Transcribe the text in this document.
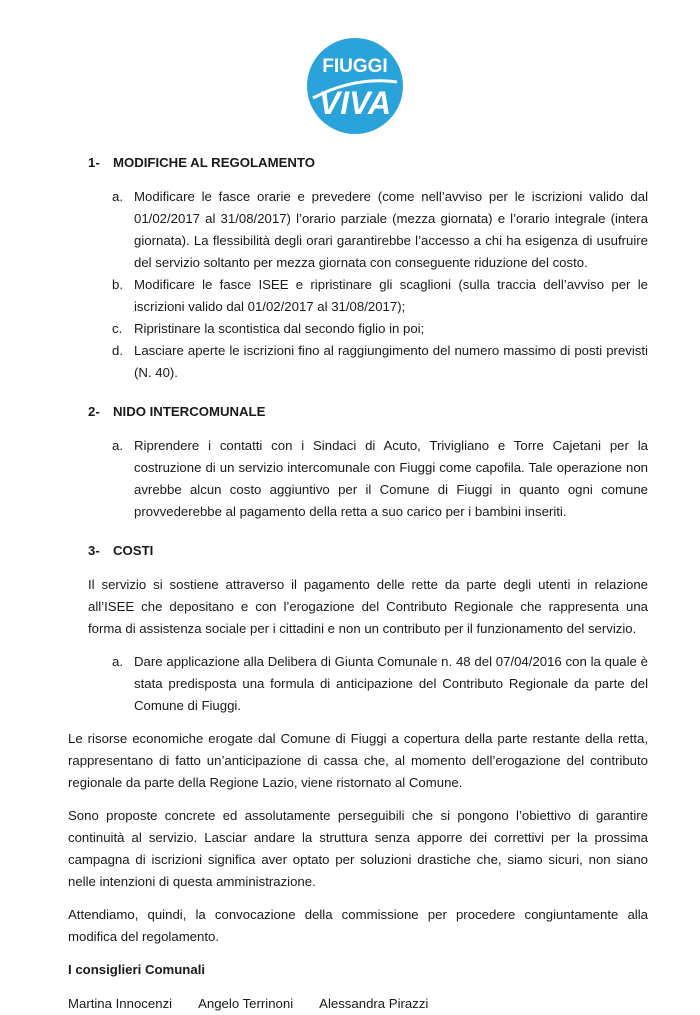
FIUGGI
VIVA
1-	MODIFICHE AL REGOLAMENTO
a. Modificare le fasce orarie e prevedere (come nell’avviso per le iscrizioni valido dal 01/02/2017 al 31/08/2017) l’orario parziale (mezza giornata) e l’orario integrale (intera giornata). La flessibilità degli orari garantirebbe l’accesso a chi ha esigenza di usufruire del servizio soltanto per mezza giornata con conseguente riduzione del costo.
b. Modificare le fasce ISEE e ripristinare gli scaglioni (sulla traccia dell’avviso per le iscrizioni valido dal 01/02/2017 al 31/08/2017);
c. Ripristinare la scontistica dal secondo figlio in poi;
d. Lasciare aperte le iscrizioni fino al raggiungimento del numero massimo di posti previsti (N. 40).
2-	NIDO INTERCOMUNALE
a. Riprendere i contatti con i Sindaci di Acuto, Trivigliano e Torre Cajetani per la costruzione di un servizio intercomunale con Fiuggi come capofila. Tale operazione non avrebbe alcun costo aggiuntivo per il Comune di Fiuggi in quanto ogni comune provvederebbe al pagamento della retta a suo carico per i bambini inseriti.
3-	COSTI

Il servizio si sostiene attraverso il pagamento delle rette da parte degli utenti in relazione all’ISEE che depositano e con l’erogazione del Contributo Regionale che rappresenta una forma di assistenza sociale per i cittadini e non un contributo per il funzionamento del servizio.

a. Dare applicazione alla Delibera di Giunta Comunale n. 48 del 07/04/2016 con la quale è stata predisposta una formula di anticipazione del Contributo Regionale da parte del Comune di Fiuggi.

Le risorse economiche erogate dal Comune di Fiuggi a copertura della parte restante della retta, rappresentano di fatto un’anticipazione di cassa che, al momento dell’erogazione del contributo regionale da parte della Regione Lazio, viene ristornato al Comune.

Sono proposte concrete ed assolutamente perseguibili che si pongono l’obiettivo di garantire continuità al servizio. Lasciar andare la struttura senza apporre dei correttivi per la prossima campagna di iscrizioni significa aver optato per soluzioni drastiche che, siamo sicuri, non siano nelle intenzioni di questa amministrazione.

Attendiamo, quindi, la convocazione della commissione per procedere congiuntamente alla modifica del regolamento.

I consiglieri Comunali
Martina Innocenzi Angelo Terrinoni Alessandra Pirazzi
